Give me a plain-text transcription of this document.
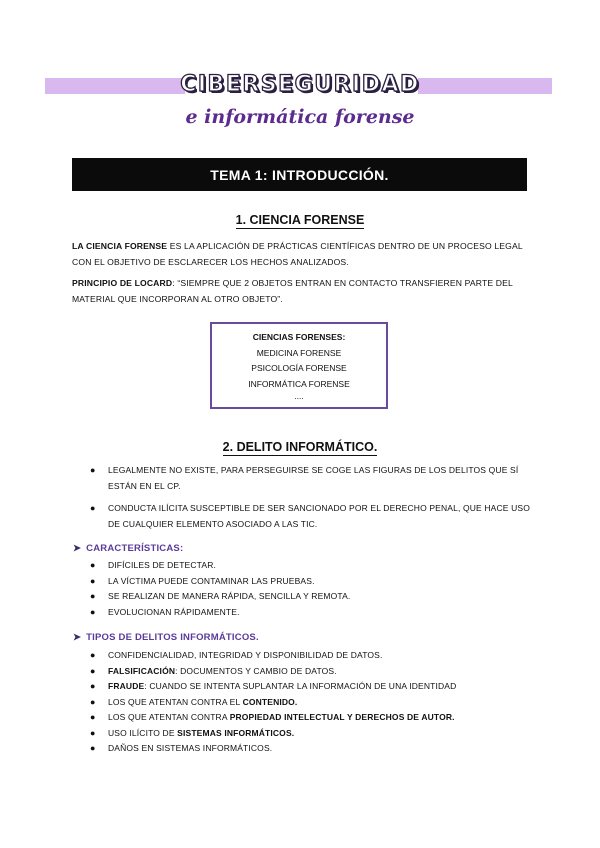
CIBERSEGURIDAD
e informática forense
TEMA 1: INTRODUCCIÓN.
1. CIENCIA FORENSE
LA CIENCIA FORENSE ES LA APLICACIÓN DE PRÁCTICAS CIENTÍFICAS DENTRO DE UN PROCESO LEGAL CON EL OBJETIVO DE ESCLARECER LOS HECHOS ANALIZADOS.
PRINCIPIO DE LOCARD: “SIEMPRE QUE 2 OBJETOS ENTRAN EN CONTACTO TRANSFIEREN PARTE DEL MATERIAL QUE INCORPORAN AL OTRO OBJETO”.
CIENCIAS FORENSES:
MEDICINA FORENSE
PSICOLOGÍA FORENSE
INFORMÁTICA FORENSE
....
2. DELITO INFORMÁTICO.
● LEGALMENTE NO EXISTE, PARA PERSEGUIRSE SE COGE LAS FIGURAS DE LOS DELITOS QUE SÍ ESTÁN EN EL CP.
● CONDUCTA ILÍCITA SUSCEPTIBLE DE SER SANCIONADO POR EL DERECHO PENAL, QUE HACE USO DE CUALQUIER ELEMENTO ASOCIADO A LAS TIC.
➤ CARACTERÍSTICAS:
● DIFÍCILES DE DETECTAR.
● LA VÍCTIMA PUEDE CONTAMINAR LAS PRUEBAS.
● SE REALIZAN DE MANERA RÁPIDA, SENCILLA Y REMOTA.
● EVOLUCIONAN RÁPIDAMENTE.
➤ TIPOS DE DELITOS INFORMÁTICOS.
● CONFIDENCIALIDAD, INTEGRIDAD Y DISPONIBILIDAD DE DATOS.
● FALSIFICACIÓN: DOCUMENTOS Y CAMBIO DE DATOS.
● FRAUDE: CUANDO SE INTENTA SUPLANTAR LA INFORMACIÓN DE UNA IDENTIDAD
● LOS QUE ATENTAN CONTRA EL CONTENIDO.
● LOS QUE ATENTAN CONTRA PROPIEDAD INTELECTUAL Y DERECHOS DE AUTOR.
● USO ILÍCITO DE SISTEMAS INFORMÁTICOS.
● DAÑOS EN SISTEMAS INFORMÁTICOS.
